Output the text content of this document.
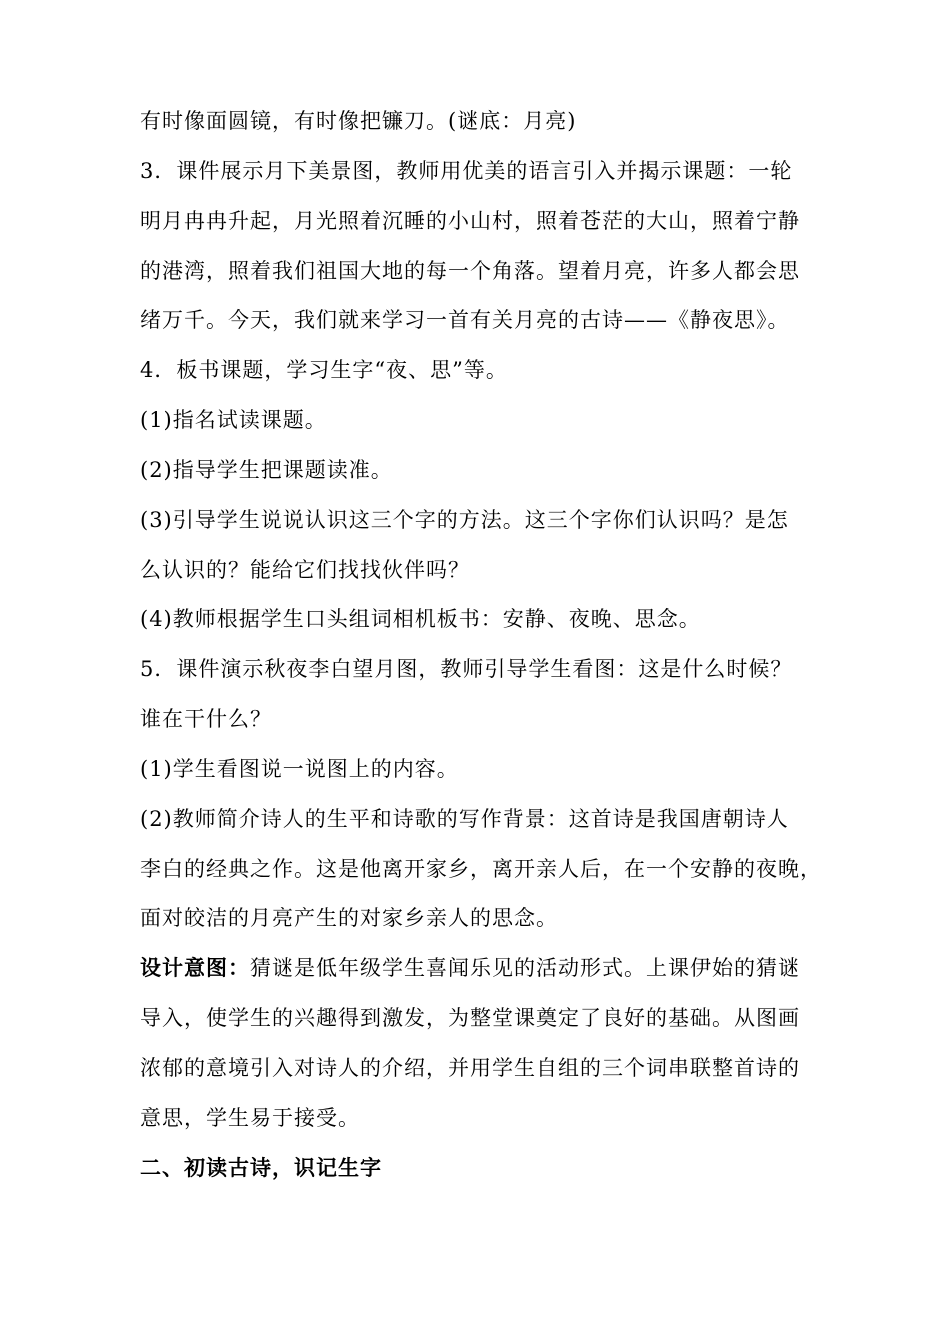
有时像面圆镜，有时像把镰刀。(谜底：月亮)
3．课件展示月下美景图，教师用优美的语言引入并揭示课题：一轮
明月冉冉升起，月光照着沉睡的小山村，照着苍茫的大山，照着宁静
的港湾，照着我们祖国大地的每一个角落。望着月亮，许多人都会思
绪万千。今天，我们就来学习一首有关月亮的古诗——《静夜思》。
4．板书课题，学习生字“夜、思”等。
(1)指名试读课题。
(2)指导学生把课题读准。
(3)引导学生说说认识这三个字的方法。这三个字你们认识吗？是怎
么认识的？能给它们找找伙伴吗？
(4)教师根据学生口头组词相机板书：安静、夜晚、思念。
5．课件演示秋夜李白望月图，教师引导学生看图：这是什么时候？
谁在干什么？
(1)学生看图说一说图上的内容。
(2)教师简介诗人的生平和诗歌的写作背景：这首诗是我国唐朝诗人
李白的经典之作。这是他离开家乡，离开亲人后，在一个安静的夜晚，
面对皎洁的月亮产生的对家乡亲人的思念。
设计意图：猜谜是低年级学生喜闻乐见的活动形式。上课伊始的猜谜
导入，使学生的兴趣得到激发，为整堂课奠定了良好的基础。从图画
浓郁的意境引入对诗人的介绍，并用学生自组的三个词串联整首诗的
意思，学生易于接受。
二、初读古诗，识记生字
